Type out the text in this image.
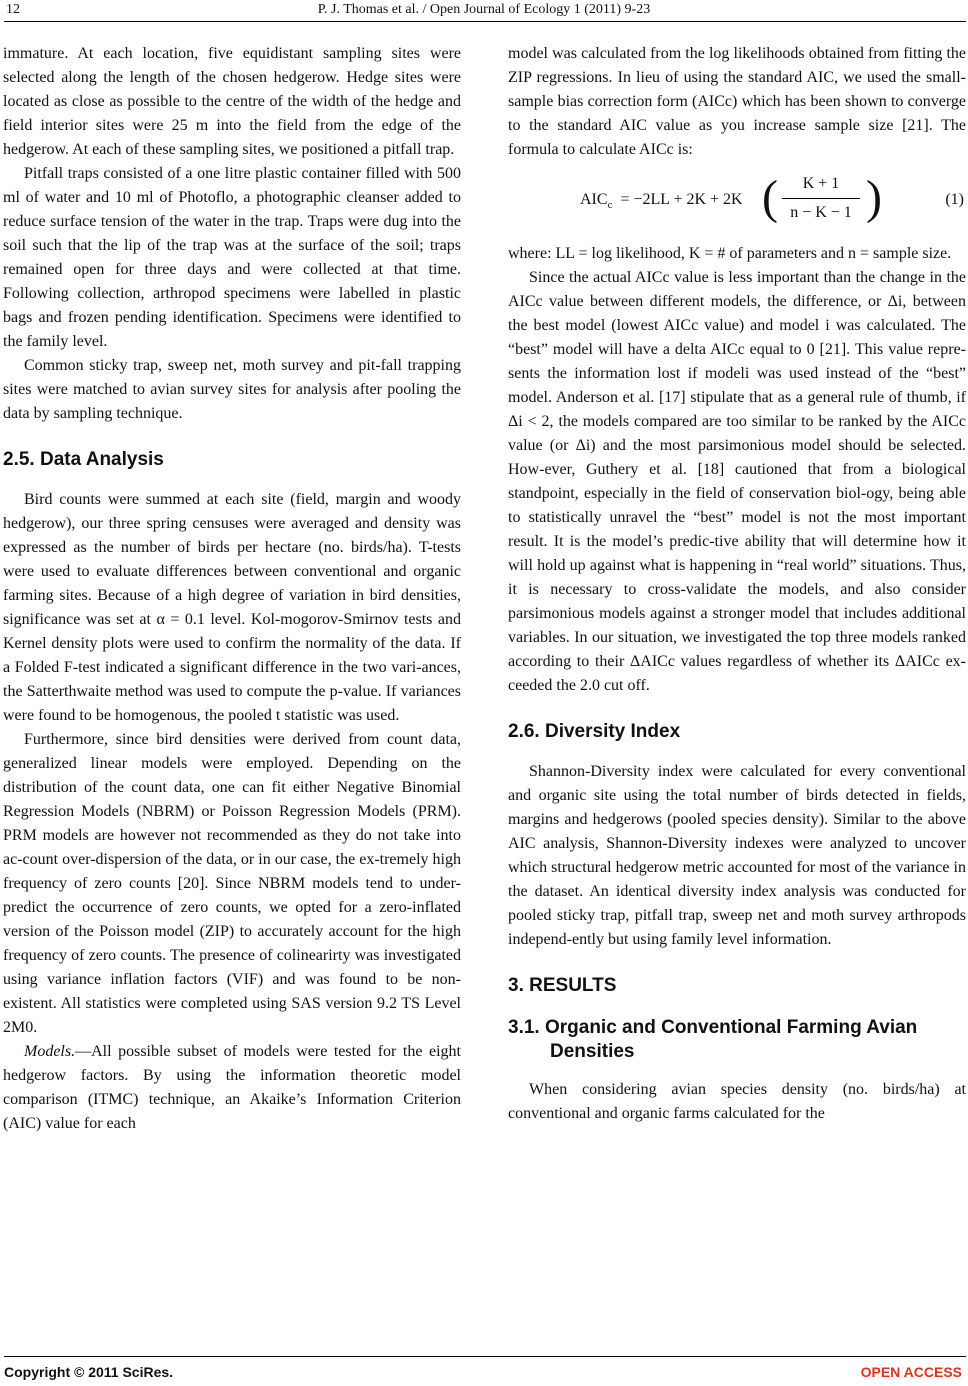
12	P. J. Thomas et al. / Open Journal of Ecology 1 (2011) 9-23

immature. At each location, five equidistant sampling sites were selected along the length of the chosen hedgerow. Hedge sites were located as close as possible to the centre of the width of the hedge and field interior sites were 25 m into the field from the edge of the hedgerow. At each of these sampling sites, we positioned a pitfall trap.

Pitfall traps consisted of a one litre plastic container filled with 500 ml of water and 10 ml of Photoflo, a photographic cleanser added to reduce surface tension of the water in the trap. Traps were dug into the soil such that the lip of the trap was at the surface of the soil; traps remained open for three days and were collected at that time. Following collection, arthropod specimens were labelled in plastic bags and frozen pending identification. Specimens were identified to the family level.

Common sticky trap, sweep net, moth survey and pit-fall trapping sites were matched to avian survey sites for analysis after pooling the data by sampling technique.

2.5. Data Analysis

Bird counts were summed at each site (field, margin and woody hedgerow), our three spring censuses were averaged and density was expressed as the number of birds per hectare (no. birds/ha). T-tests were used to evaluate differences between conventional and organic farming sites. Because of a high degree of variation in bird densities, significance was set at α = 0.1 level. Kol-mogorov-Smirnov tests and Kernel density plots were used to confirm the normality of the data. If a Folded F-test indicated a significant difference in the two vari-ances, the Satterthwaite method was used to compute the p-value. If variances were found to be homogenous, the pooled t statistic was used.

Furthermore, since bird densities were derived from count data, generalized linear models were employed. Depending on the distribution of the count data, one can fit either Negative Binomial Regression Models (NBRM) or Poisson Regression Models (PRM). PRM models are however not recommended as they do not take into ac-count over-dispersion of the data, or in our case, the ex-tremely high frequency of zero counts [20]. Since NBRM models tend to under-predict the occurrence of zero counts, we opted for a zero-inflated version of the Poisson model (ZIP) to accurately account for the high frequency of zero counts. The presence of colinearirty was investigated using variance inflation factors (VIF) and was found to be non-existent. All statistics were completed using SAS version 9.2 TS Level 2M0.

Models.—All possible subset of models were tested for the eight hedgerow factors. By using the information theoretic model comparison (ITMC) technique, an Akaike’s Information Criterion (AIC) value for each

model was calculated from the log likelihoods obtained from fitting the ZIP regressions. In lieu of using the standard AIC, we used the small-sample bias correction form (AICc) which has been shown to converge to the standard AIC value as you increase sample size [21]. The formula to calculate AICc is:

$AIC_c = -2LL + 2K + 2K$ (	K + 1
n − K − 1 )	(1)

where: LL = log likelihood, K = # of parameters and n = sample size.

Since the actual AICc value is less important than the change in the AICc value between different models, the difference, or Δi, between the best model (lowest AICc value) and model i was calculated. The “best” model will have a delta AICc equal to 0 [21]. This value repre-sents the information lost if modeli was used instead of the “best” model. Anderson et al. [17] stipulate that as a general rule of thumb, if Δi < 2, the models compared are too similar to be ranked by the AICc value (or Δi) and the most parsimonious model should be selected. How-ever, Guthery et al. [18] cautioned that from a biological standpoint, especially in the field of conservation biol-ogy, being able to statistically unravel the “best” model is not the most important result. It is the model’s predic-tive ability that will determine how it will hold up against what is happening in “real world” situations. Thus, it is necessary to cross-validate the models, and also consider parsimonious models against a stronger model that includes additional variables. In our situation, we investigated the top three models ranked according to their ΔAICc values regardless of whether its ΔAICc ex-ceeded the 2.0 cut off.

2.6. Diversity Index

Shannon-Diversity index were calculated for every conventional and organic site using the total number of birds detected in fields, margins and hedgerows (pooled species density). Similar to the above AIC analysis, Shannon-Diversity indexes were analyzed to uncover which structural hedgerow metric accounted for most of the variance in the dataset. An identical diversity index analysis was conducted for pooled sticky trap, pitfall trap, sweep net and moth survey arthropods independ-ently but using family level information.

3. RESULTS
3.1. Organic and Conventional Farming Avian Densities

When considering avian species density (no. birds/ha) at conventional and organic farms calculated for the

Copyright © 2011 SciRes.	OPEN ACCESS
